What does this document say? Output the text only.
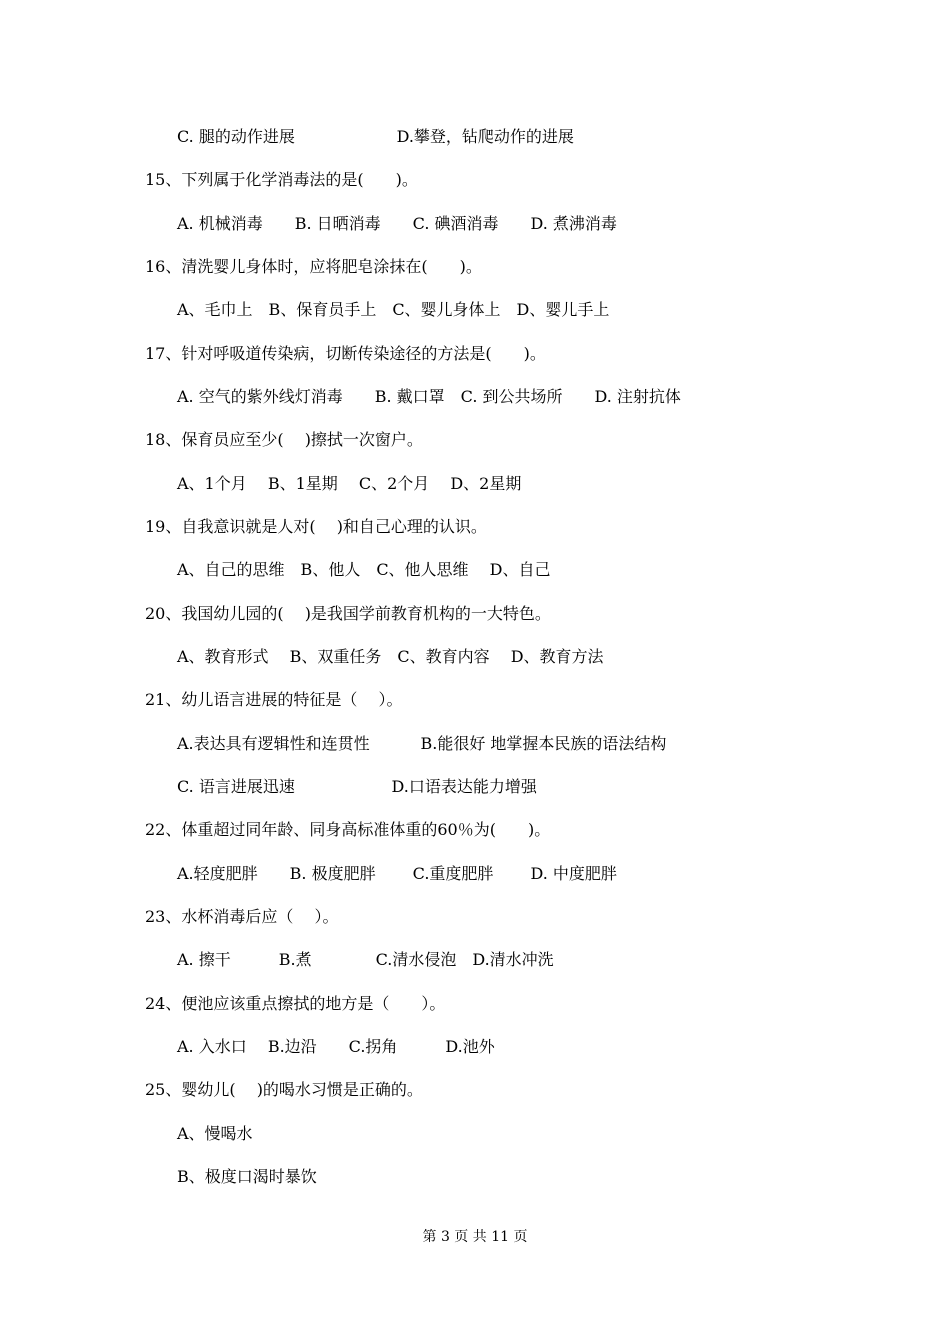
C. 腿的动作进展                    D.攀登，钻爬动作的进展
15、下列属于化学消毒法的是(　　)。
A. 机械消毒　　B. 日晒消毒　　C. 碘酒消毒　　D. 煮沸消毒
16、清洗婴儿身体时，应将肥皂涂抹在(　　)。
A、毛巾上　B、保育员手上　C、婴儿身体上　D、婴儿手上
17、针对呼吸道传染病，切断传染途径的方法是(　　)。
A. 空气的紫外线灯消毒　　B. 戴口罩　C. 到公共场所　　D. 注射抗体
18、保育员应至少(　 )擦拭一次窗户。
A、1个月　 B、1星期　 C、2个月　 D、2星期
19、自我意识就是人对(　 )和自己心理的认识。
A、自己的思维　B、他人　C、他人思维　 D、自己
20、我国幼儿园的(　 )是我国学前教育机构的一大特色。
A、教育形式　 B、双重任务　C、教育内容　 D、教育方法
21、幼儿语言进展的特征是（　 ）。
A.表达具有逻辑性和连贯性          B.能很好 地掌握本民族的语法结构
C. 语言进展迅速                   D.口语表达能力增强
22、体重超过同年龄、同身高标准体重的60％为(　　)。
A.轻度肥胖　　B. 极度肥胖　　 C.重度肥胖　　 D. 中度肥胖
23、水杯消毒后应（　 ）。
A. 擦干　　　B.煮　　　　C.清水侵泡　D.清水冲洗
24、便池应该重点擦拭的地方是（　　）。
A. 入水口　 B.边沿　　C.拐角　　　D.池外
25、婴幼儿(　 )的喝水习惯是正确的。
A、慢喝水
B、极度口渴时暴饮
第 3 页 共 11 页
